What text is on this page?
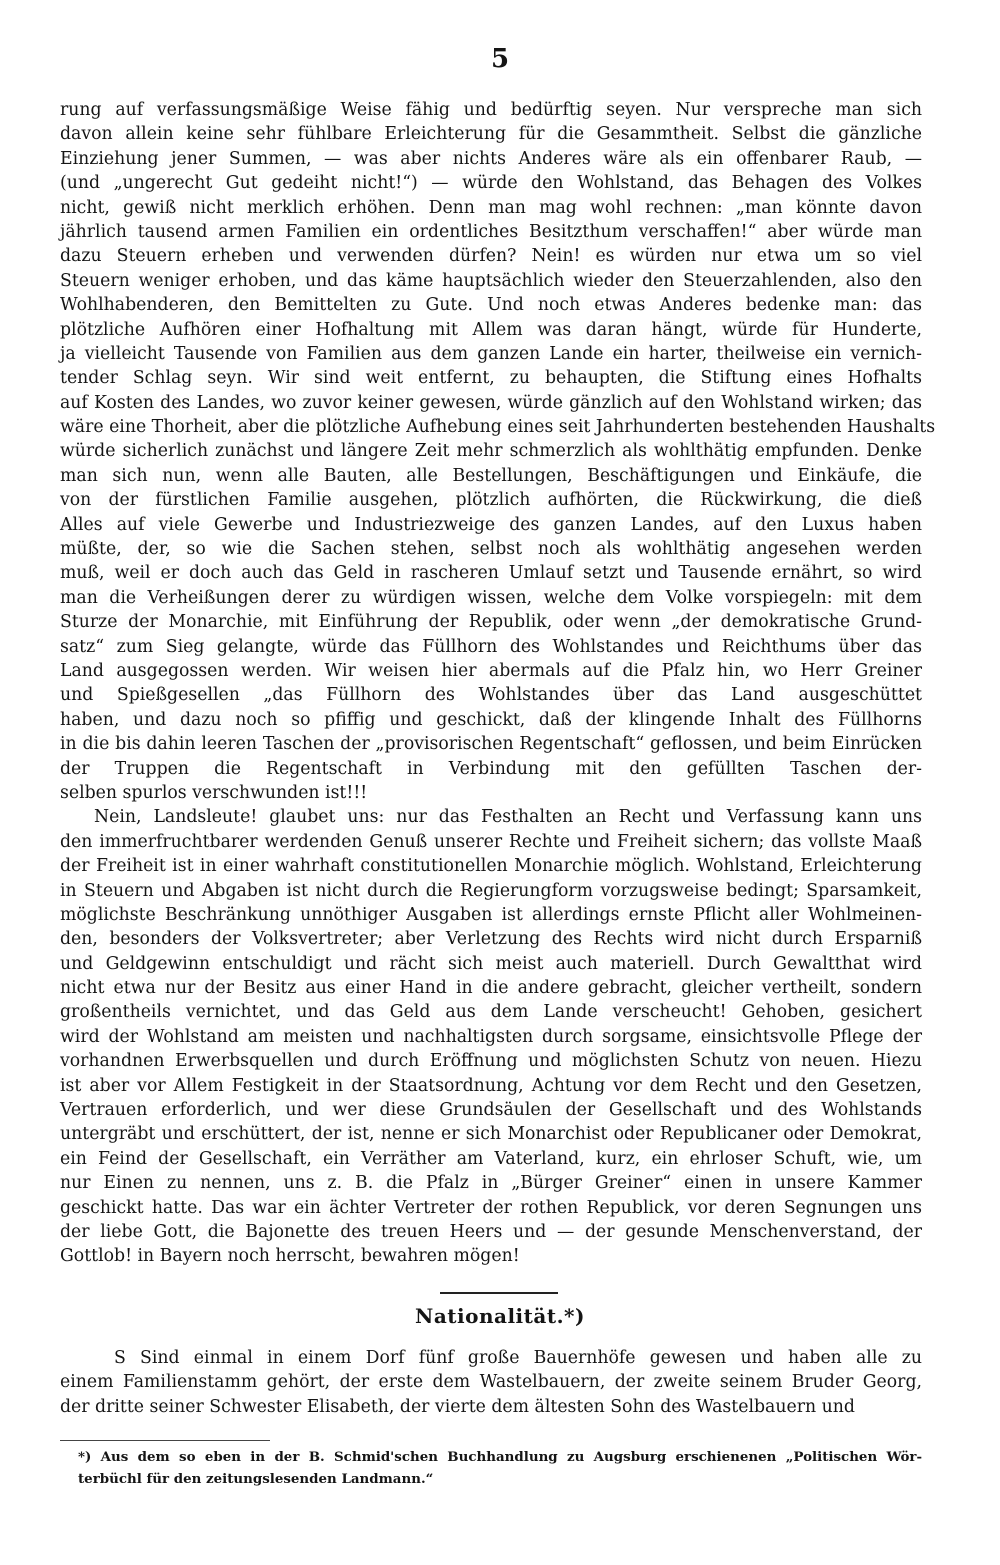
5
rung auf verfassungsmäßige Weise fähig und bedürftig seyen. Nur verspreche man sich
davon allein keine sehr fühlbare Erleichterung für die Gesammtheit. Selbst die gänzliche
Einziehung jener Summen, — was aber nichts Anderes wäre als ein offenbarer Raub, —
(und „ungerecht Gut gedeiht nicht!“) — würde den Wohlstand, das Behagen des Volkes
nicht, gewiß nicht merklich erhöhen. Denn man mag wohl rechnen: „man könnte davon
jährlich tausend armen Familien ein ordentliches Besitzthum verschaffen!“ aber würde man
dazu Steuern erheben und verwenden dürfen? Nein! es würden nur etwa um so viel
Steuern weniger erhoben, und das käme hauptsächlich wieder den Steuerzahlenden, also den
Wohlhabenderen, den Bemittelten zu Gute. Und noch etwas Anderes bedenke man: das
plötzliche Aufhören einer Hofhaltung mit Allem was daran hängt, würde für Hunderte,
ja vielleicht Tausende von Familien aus dem ganzen Lande ein harter, theilweise ein vernich-
tender Schlag seyn. Wir sind weit entfernt, zu behaupten, die Stiftung eines Hofhalts
auf Kosten des Landes, wo zuvor keiner gewesen, würde gänzlich auf den Wohlstand wirken; das
wäre eine Thorheit, aber die plötzliche Aufhebung eines seit Jahrhunderten bestehenden Haushalts
würde sicherlich zunächst und längere Zeit mehr schmerzlich als wohlthätig empfunden. Denke
man sich nun, wenn alle Bauten, alle Bestellungen, Beschäftigungen und Einkäufe, die
von der fürstlichen Familie ausgehen, plötzlich aufhörten, die Rückwirkung, die dieß
Alles auf viele Gewerbe und Industriezweige des ganzen Landes, auf den Luxus haben
müßte, der, so wie die Sachen stehen, selbst noch als wohlthätig angesehen werden
muß, weil er doch auch das Geld in rascheren Umlauf setzt und Tausende ernährt, so wird
man die Verheißungen derer zu würdigen wissen, welche dem Volke vorspiegeln: mit dem
Sturze der Monarchie, mit Einführung der Republik, oder wenn „der demokratische Grund-
satz“ zum Sieg gelangte, würde das Füllhorn des Wohlstandes und Reichthums über das
Land ausgegossen werden. Wir weisen hier abermals auf die Pfalz hin, wo Herr Greiner
und Spießgesellen „das Füllhorn des Wohlstandes über das Land ausgeschüttet
haben, und dazu noch so pfiffig und geschickt, daß der klingende Inhalt des Füllhorns
in die bis dahin leeren Taschen der „provisorischen Regentschaft“ geflossen, und beim Einrücken
der Truppen die Regentschaft in Verbindung mit den gefüllten Taschen der-
selben spurlos verschwunden ist!!!
Nein, Landsleute! glaubet uns: nur das Festhalten an Recht und Verfassung kann uns
den immerfruchtbarer werdenden Genuß unserer Rechte und Freiheit sichern; das vollste Maaß
der Freiheit ist in einer wahrhaft constitutionellen Monarchie möglich. Wohlstand, Erleichterung
in Steuern und Abgaben ist nicht durch die Regierungform vorzugsweise bedingt; Sparsamkeit,
möglichste Beschränkung unnöthiger Ausgaben ist allerdings ernste Pflicht aller Wohlmeinen-
den, besonders der Volksvertreter; aber Verletzung des Rechts wird nicht durch Ersparniß
und Geldgewinn entschuldigt und rächt sich meist auch materiell. Durch Gewaltthat wird
nicht etwa nur der Besitz aus einer Hand in die andere gebracht, gleicher vertheilt, sondern
großentheils vernichtet, und das Geld aus dem Lande verscheucht! Gehoben, gesichert
wird der Wohlstand am meisten und nachhaltigsten durch sorgsame, einsichtsvolle Pflege der
vorhandnen Erwerbsquellen und durch Eröffnung und möglichsten Schutz von neuen. Hiezu
ist aber vor Allem Festigkeit in der Staatsordnung, Achtung vor dem Recht und den Gesetzen,
Vertrauen erforderlich, und wer diese Grundsäulen der Gesellschaft und des Wohlstands
untergräbt und erschüttert, der ist, nenne er sich Monarchist oder Republicaner oder Demokrat,
ein Feind der Gesellschaft, ein Verräther am Vaterland, kurz, ein ehrloser Schuft, wie, um
nur Einen zu nennen, uns z. B. die Pfalz in „Bürger Greiner“ einen in unsere Kammer
geschickt hatte. Das war ein ächter Vertreter der rothen Republick, vor deren Segnungen uns
der liebe Gott, die Bajonette des treuen Heers und — der gesunde Menschenverstand, der
Gottlob! in Bayern noch herrscht, bewahren mögen!
Nationalität.*)
S Sind einmal in einem Dorf fünf große Bauernhöfe gewesen und haben alle zu
einem Familienstamm gehört, der erste dem Wastelbauern, der zweite seinem Bruder Georg,
der dritte seiner Schwester Elisabeth, der vierte dem ältesten Sohn des Wastelbauern und
*) Aus dem so eben in der B. Schmid'schen Buchhandlung zu Augsburg erschienenen „Politischen Wör-
terbüchl für den zeitungslesenden Landmann.“
